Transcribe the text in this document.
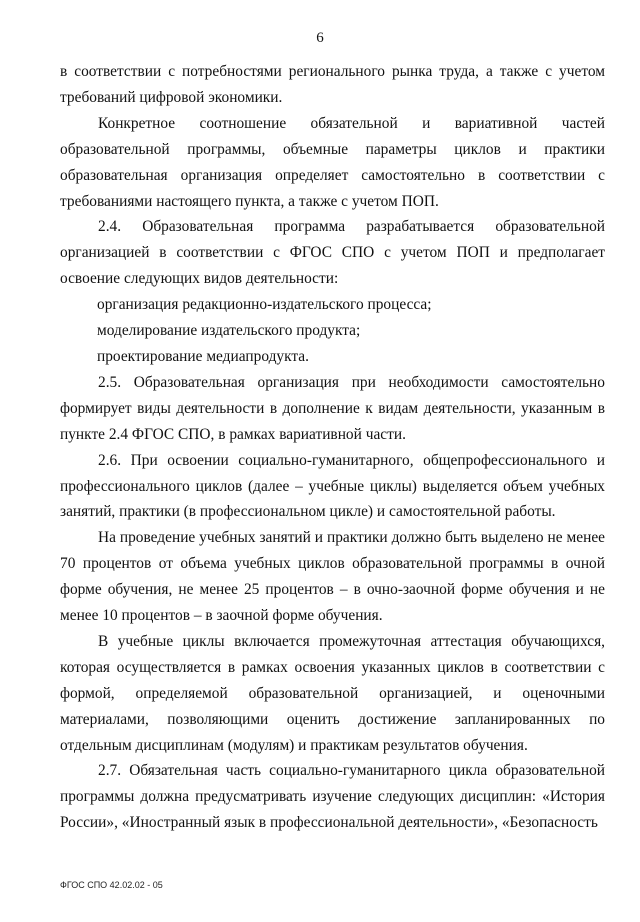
6

в соответствии с потребностями регионального рынка труда, а также с учетом требований цифровой экономики.

Конкретное соотношение обязательной и вариативной частей образовательной программы, объемные параметры циклов и практики образовательная организация определяет самостоятельно в соответствии с требованиями настоящего пункта, а также с учетом ПОП.

2.4. Образовательная программа разрабатывается образовательной организацией в соответствии с ФГОС СПО с учетом ПОП и предполагает освоение следующих видов деятельности:

организация редакционно-издательского процесса;

моделирование издательского продукта;

проектирование медиапродукта.

2.5. Образовательная организация при необходимости самостоятельно формирует виды деятельности в дополнение к видам деятельности, указанным в пункте 2.4 ФГОС СПО, в рамках вариативной части.

2.6. При освоении социально-гуманитарного, общепрофессионального и профессионального циклов (далее – учебные циклы) выделяется объем учебных занятий, практики (в профессиональном цикле) и самостоятельной работы.

На проведение учебных занятий и практики должно быть выделено не менее 70 процентов от объема учебных циклов образовательной программы в очной форме обучения, не менее 25 процентов – в очно-заочной форме обучения и не менее 10 процентов – в заочной форме обучения.

В учебные циклы включается промежуточная аттестация обучающихся, которая осуществляется в рамках освоения указанных циклов в соответствии с формой, определяемой образовательной организацией, и оценочными материалами, позволяющими оценить достижение запланированных по отдельным дисциплинам (модулям) и практикам результатов обучения.

2.7. Обязательная часть социально-гуманитарного цикла образовательной программы должна предусматривать изучение следующих дисциплин: «История России», «Иностранный язык в профессиональной деятельности», «Безопасность

ФГОС СПО 42.02.02 - 05
